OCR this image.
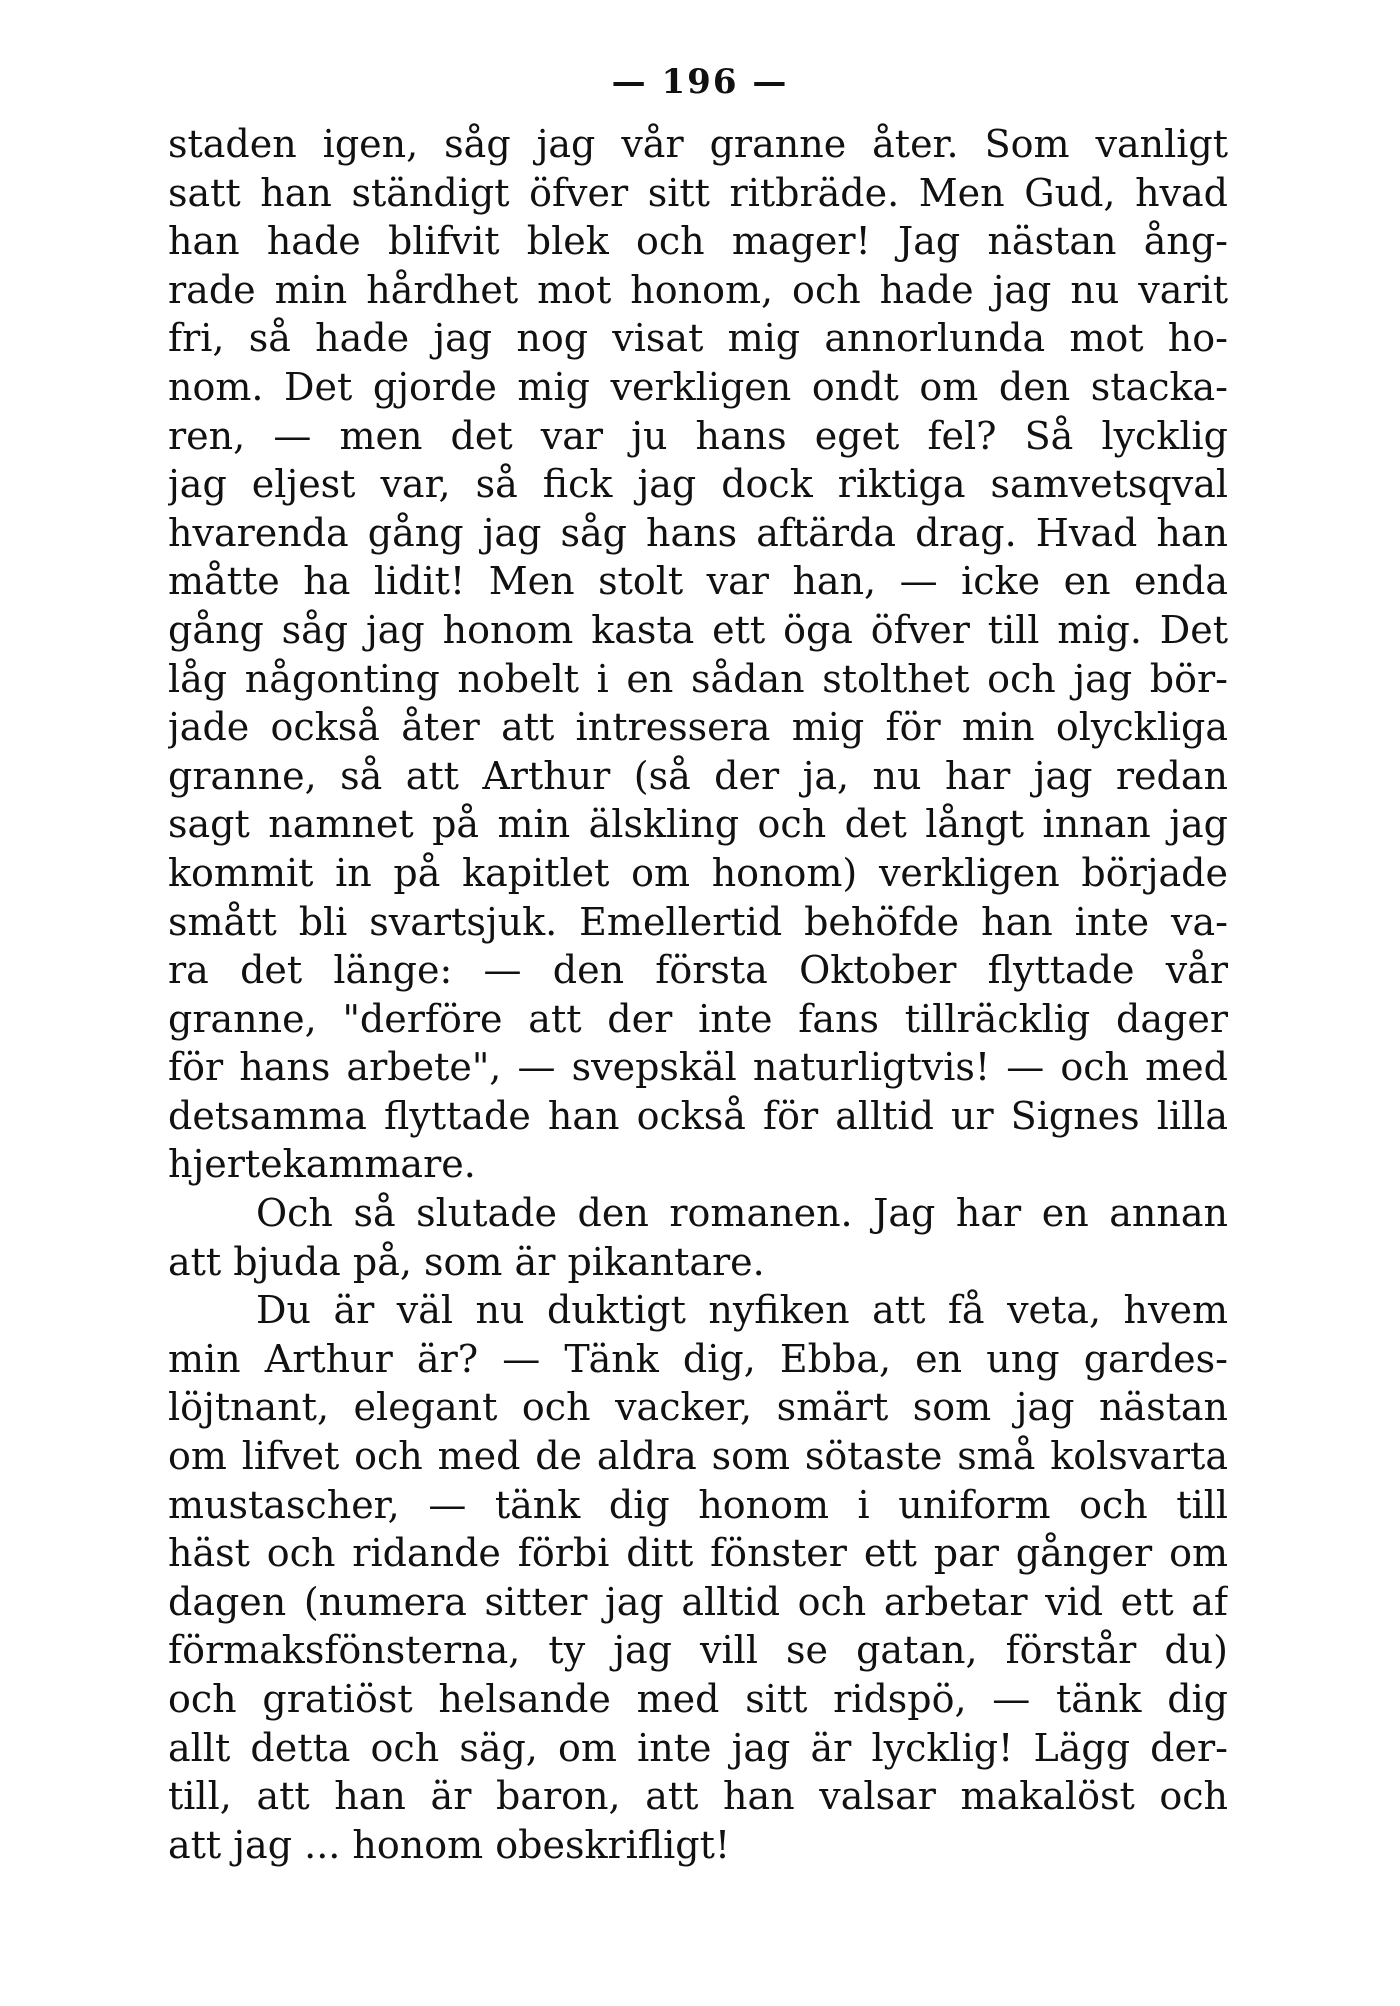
— 196 —
staden igen, såg jag vår granne åter. Som vanligt
satt han ständigt öfver sitt ritbräde. Men Gud, hvad
han hade blifvit blek och mager! Jag nästan ång-
rade min hårdhet mot honom, och hade jag nu varit
fri, så hade jag nog visat mig annorlunda mot ho-
nom. Det gjorde mig verkligen ondt om den stacka-
ren, — men det var ju hans eget fel? Så lycklig
jag eljest var, så fick jag dock riktiga samvetsqval
hvarenda gång jag såg hans aftärda drag. Hvad han
måtte ha lidit! Men stolt var han, — icke en enda
gång såg jag honom kasta ett öga öfver till mig. Det
låg någonting nobelt i en sådan stolthet och jag bör-
jade också åter att intressera mig för min olyckliga
granne, så att Arthur (så der ja, nu har jag redan
sagt namnet på min älskling och det långt innan jag
kommit in på kapitlet om honom) verkligen började
smått bli svartsjuk. Emellertid behöfde han inte va-
ra det länge: — den första Oktober flyttade vår
granne, "derföre att der inte fans tillräcklig dager
för hans arbete", — svepskäl naturligtvis! — och med
detsamma flyttade han också för alltid ur Signes lilla
hjertekammare.
Och så slutade den romanen. Jag har en annan
att bjuda på, som är pikantare.
Du är väl nu duktigt nyfiken att få veta, hvem
min Arthur är? — Tänk dig, Ebba, en ung gardes-
löjtnant, elegant och vacker, smärt som jag nästan
om lifvet och med de aldra som sötaste små kolsvarta
mustascher, — tänk dig honom i uniform och till
häst och ridande förbi ditt fönster ett par gånger om
dagen (numera sitter jag alltid och arbetar vid ett af
förmaksfönsterna, ty jag vill se gatan, förstår du)
och gratiöst helsande med sitt ridspö, — tänk dig
allt detta och säg, om inte jag är lycklig! Lägg der-
till, att han är baron, att han valsar makalöst och
att jag ... honom obeskrifligt!
